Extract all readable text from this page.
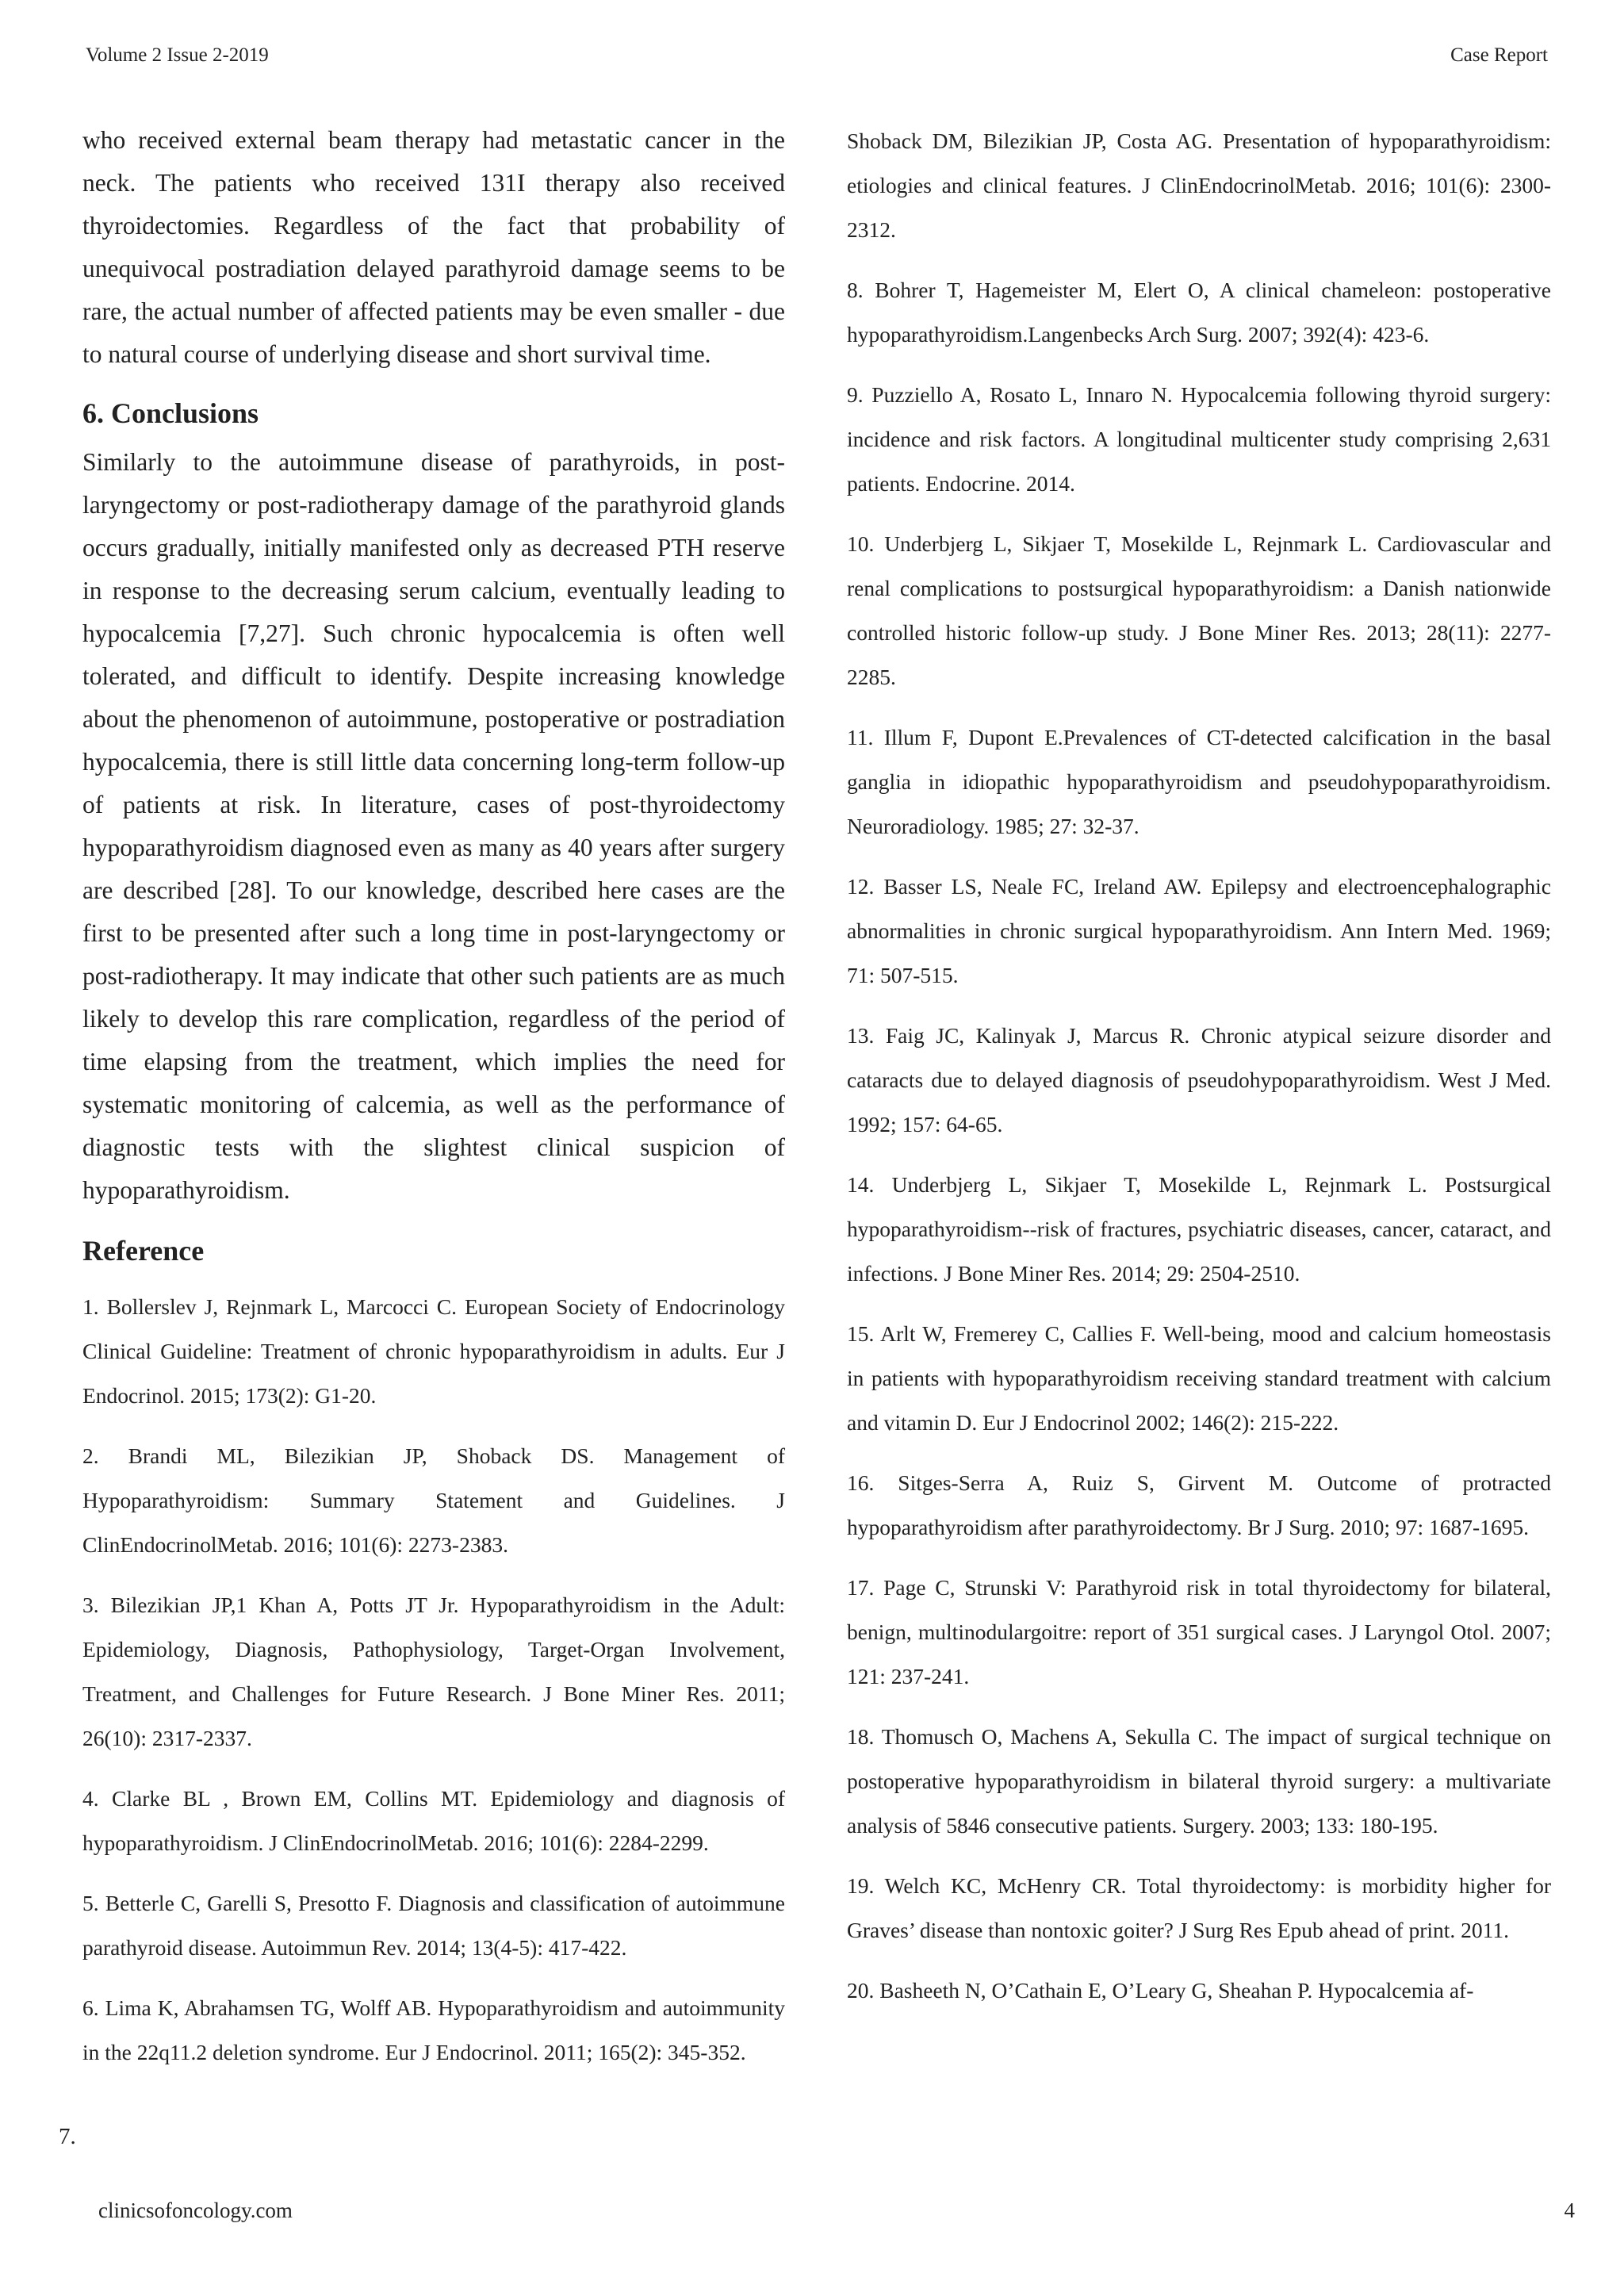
Volume 2 Issue 2-2019	Case Report

who received external beam therapy had metastatic cancer in the neck. The patients who received 131I therapy also received thyroidectomies. Regardless of the fact that probability of unequivocal postradiation delayed parathyroid damage seems to be rare, the actual number of affected patients may be even smaller - due to natural course of underlying disease and short survival time.

6. Conclusions

Similarly to the autoimmune disease of parathyroids, in post-laryngectomy or post-radiotherapy damage of the parathyroid glands occurs gradually, initially manifested only as decreased PTH reserve in response to the decreasing serum calcium, eventually leading to hypocalcemia [7,27]. Such chronic hypocalcemia is often well tolerated, and difficult to identify. Despite increasing knowledge about the phenomenon of autoimmune, postoperative or postradiation hypocalcemia, there is still little data concerning long-term follow-up of patients at risk. In literature, cases of post-thyroidectomy hypoparathyroidism diagnosed even as many as 40 years after surgery are described [28]. To our knowledge, described here cases are the first to be presented after such a long time in post-laryngectomy or post-radiotherapy. It may indicate that other such patients are as much likely to develop this rare complication, regardless of the period of time elapsing from the treatment, which implies the need for systematic monitoring of calcemia, as well as the performance of diagnostic tests with the slightest clinical suspicion of hypoparathyroidism.

Reference
1. Bollerslev J, Rejnmark L, Marcocci C. European Society of Endocrinology Clinical Guideline: Treatment of chronic hypoparathyroidism in adults. Eur J Endocrinol. 2015; 173(2): G1-20.
2. Brandi ML, Bilezikian JP, Shoback DS. Management of Hypoparathyroidism: Summary Statement and Guidelines. J ClinEndocrinolMetab. 2016; 101(6): 2273-2383.
3. Bilezikian JP,1 Khan A, Potts JT Jr. Hypoparathyroidism in the Adult: Epidemiology, Diagnosis, Pathophysiology, Target-Organ Involvement, Treatment, and Challenges for Future Research. J Bone Miner Res. 2011; 26(10): 2317-2337.
4. Clarke BL , Brown EM, Collins MT. Epidemiology and diagnosis of hypoparathyroidism. J ClinEndocrinolMetab. 2016; 101(6): 2284-2299.
5. Betterle C, Garelli S, Presotto F. Diagnosis and classification of autoimmune parathyroid disease. Autoimmun Rev. 2014; 13(4-5): 417-422.
6. Lima K, Abrahamsen TG, Wolff AB. Hypoparathyroidism and autoimmunity in the 22q11.2 deletion syndrome. Eur J Endocrinol. 2011; 165(2): 345-352.
Shoback DM, Bilezikian JP, Costa AG. Presentation of hypoparathyroidism: etiologies and clinical features. J ClinEndocrinolMetab. 2016; 101(6): 2300-2312.
8. Bohrer T, Hagemeister M, Elert O, A clinical chameleon: postoperative hypoparathyroidism.Langenbecks Arch Surg. 2007; 392(4): 423-6.
9. Puzziello A, Rosato L, Innaro N. Hypocalcemia following thyroid surgery: incidence and risk factors. A longitudinal multicenter study comprising 2,631 patients. Endocrine. 2014.
10. Underbjerg L, Sikjaer T, Mosekilde L, Rejnmark L. Cardiovascular and renal complications to postsurgical hypoparathyroidism: a Danish nationwide controlled historic follow-up study. J Bone Miner Res. 2013; 28(11): 2277-2285.
11. Illum F, Dupont E.Prevalences of CT-detected calcification in the basal ganglia in idiopathic hypoparathyroidism and pseudohypoparathyroidism. Neuroradiology. 1985; 27: 32-37.
12. Basser LS, Neale FC, Ireland AW. Epilepsy and electroencephalographic abnormalities in chronic surgical hypoparathyroidism. Ann Intern Med. 1969; 71: 507-515.
13. Faig JC, Kalinyak J, Marcus R. Chronic atypical seizure disorder and cataracts due to delayed diagnosis of pseudohypoparathyroidism. West J Med. 1992; 157: 64-65.
14. Underbjerg L, Sikjaer T, Mosekilde L, Rejnmark L. Postsurgical hypoparathyroidism--risk of fractures, psychiatric diseases, cancer, cataract, and infections. J Bone Miner Res. 2014; 29: 2504-2510.
15. Arlt W, Fremerey C, Callies F. Well-being, mood and calcium homeostasis in patients with hypoparathyroidism receiving standard treatment with calcium and vitamin D. Eur J Endocrinol 2002; 146(2): 215-222.
16. Sitges-Serra A, Ruiz S, Girvent M. Outcome of protracted hypoparathyroidism after parathyroidectomy. Br J Surg. 2010; 97: 1687-1695.
17. Page C, Strunski V: Parathyroid risk in total thyroidectomy for bilateral, benign, multinodulargoitre: report of 351 surgical cases. J Laryngol Otol. 2007; 121: 237-241.
18. Thomusch O, Machens A, Sekulla C. The impact of surgical technique on postoperative hypoparathyroidism in bilateral thyroid surgery: a multivariate analysis of 5846 consecutive patients. Surgery. 2003; 133: 180-195.
19. Welch KC, McHenry CR. Total thyroidectomy: is morbidity higher for Graves’ disease than nontoxic goiter? J Surg Res Epub ahead of print. 2011.
20. Basheeth N, O’Cathain E, O’Leary G, Sheahan P. Hypocalcemia af-
7.
clinicsofoncology.com	4
